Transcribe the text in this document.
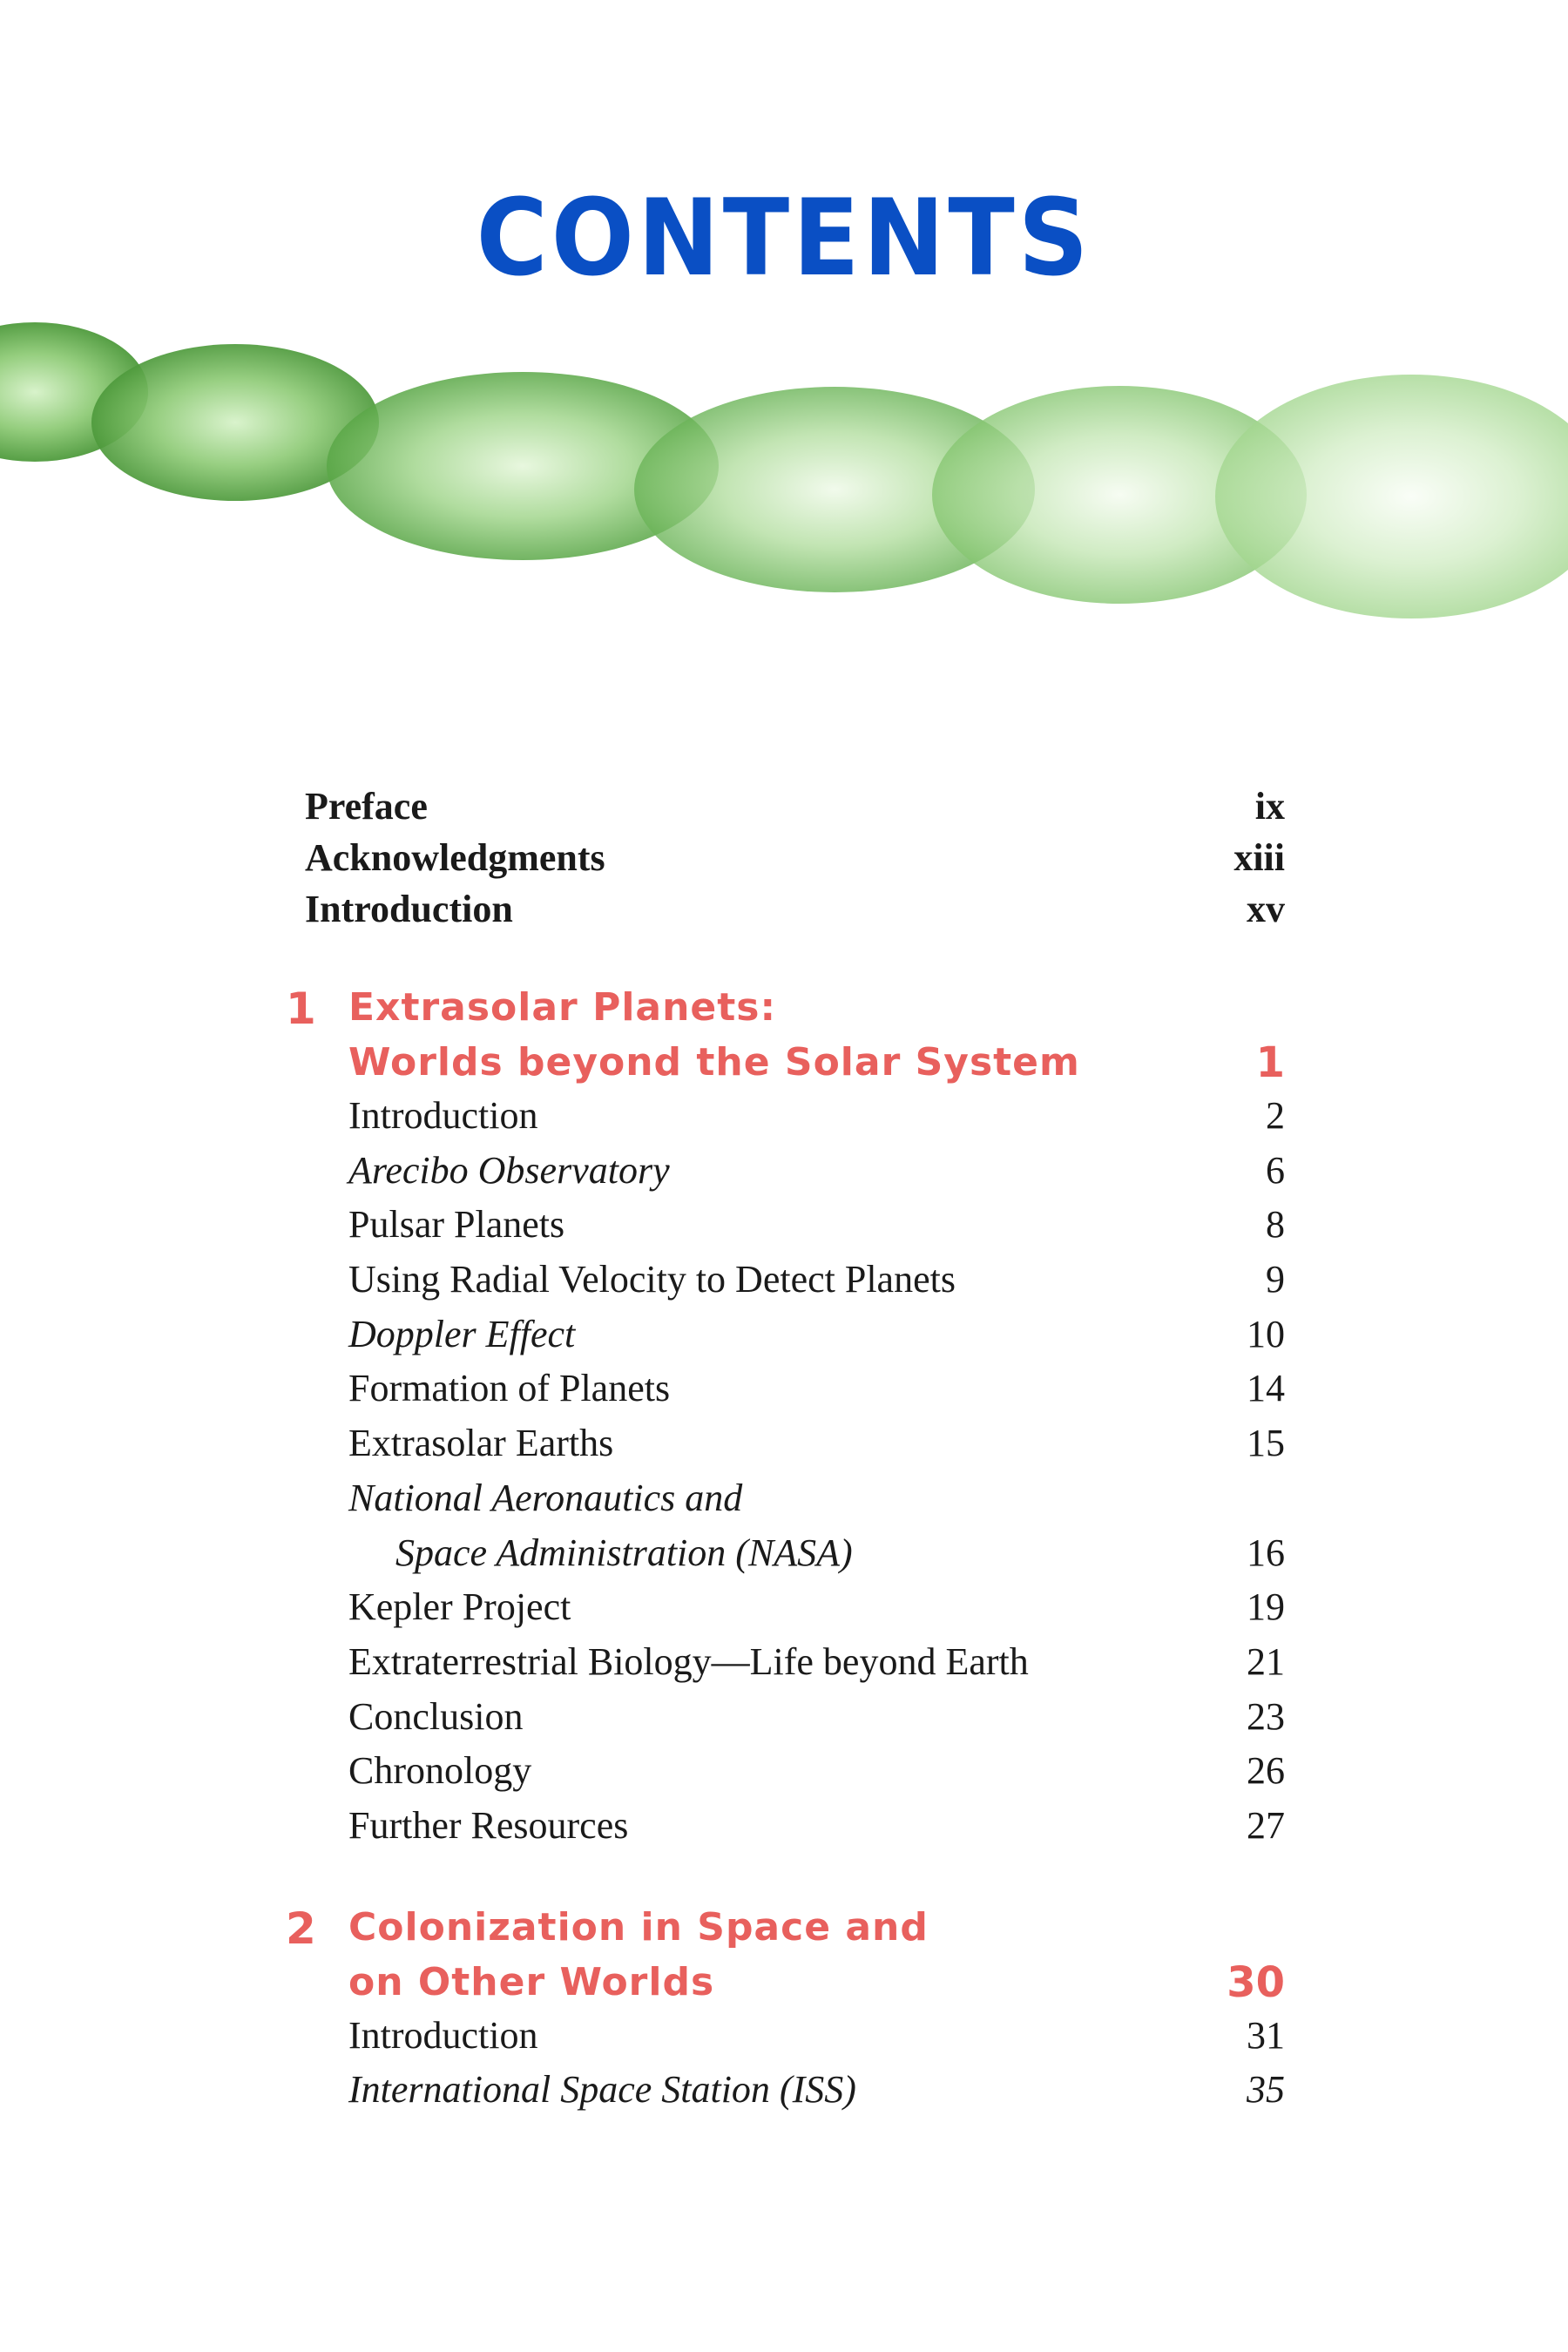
CONTENTS
Preface	ix
Acknowledgments	xiii
Introduction	xv
1 Extrasolar Planets:
Worlds beyond the Solar System	1
Introduction	2
Arecibo Observatory	6
Pulsar Planets	8
Using Radial Velocity to Detect Planets	9
Doppler Effect	10
Formation of Planets	14
Extrasolar Earths	15
National Aeronautics and
Space Administration (NASA)	16
Kepler Project	19
Extraterrestrial Biology—Life beyond Earth	21
Conclusion	23
Chronology	26
Further Resources	27
2 Colonization in Space and
on Other Worlds	30
Introduction	31
International Space Station (ISS)	35
